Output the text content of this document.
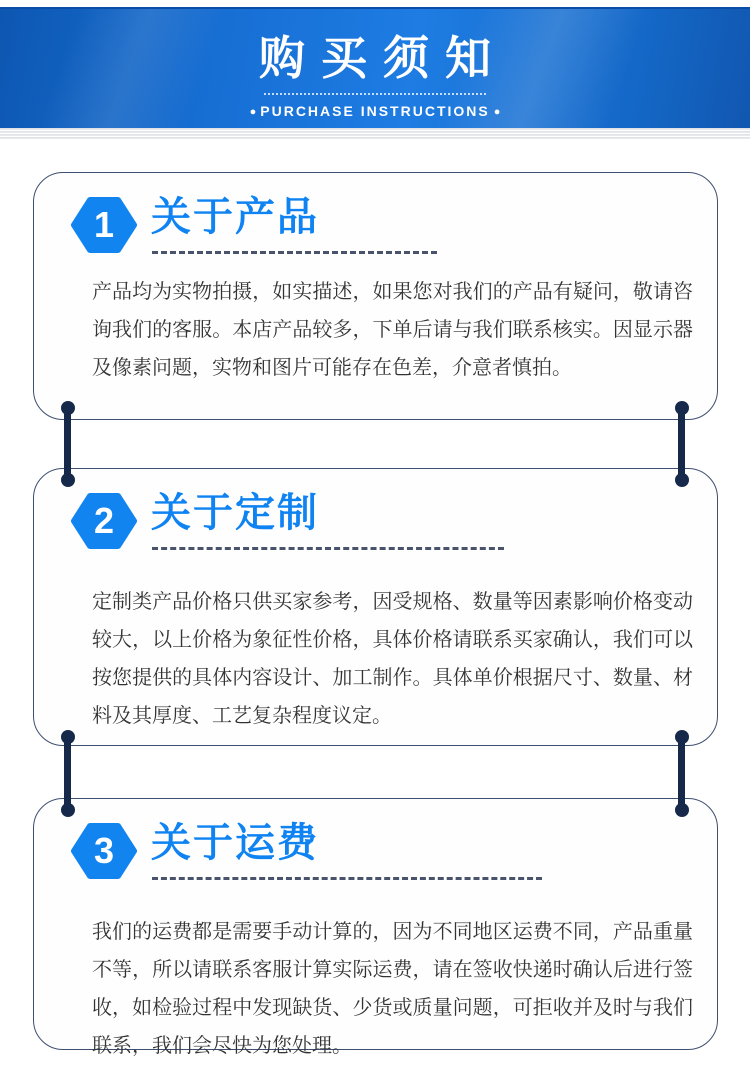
购买须知
● PURCHASE INSTRUCTIONS ●
1 关于产品
产品均为实物拍摄，如实描述，如果您对我们的产品有疑问，敬请咨询我们的客服。本店产品较多，下单后请与我们联系核实。因显示器及像素问题，实物和图片可能存在色差，介意者慎拍。
2 关于定制
定制类产品价格只供买家参考，因受规格、数量等因素影响价格变动较大，以上价格为象征性价格，具体价格请联系买家确认，我们可以按您提供的具体内容设计、加工制作。具体单价根据尺寸、数量、材料及其厚度、工艺复杂程度议定。
3 关于运费
我们的运费都是需要手动计算的，因为不同地区运费不同，产品重量不等，所以请联系客服计算实际运费，请在签收快递时确认后进行签收，如检验过程中发现缺货、少货或质量问题，可拒收并及时与我们联系，我们会尽快为您处理。
